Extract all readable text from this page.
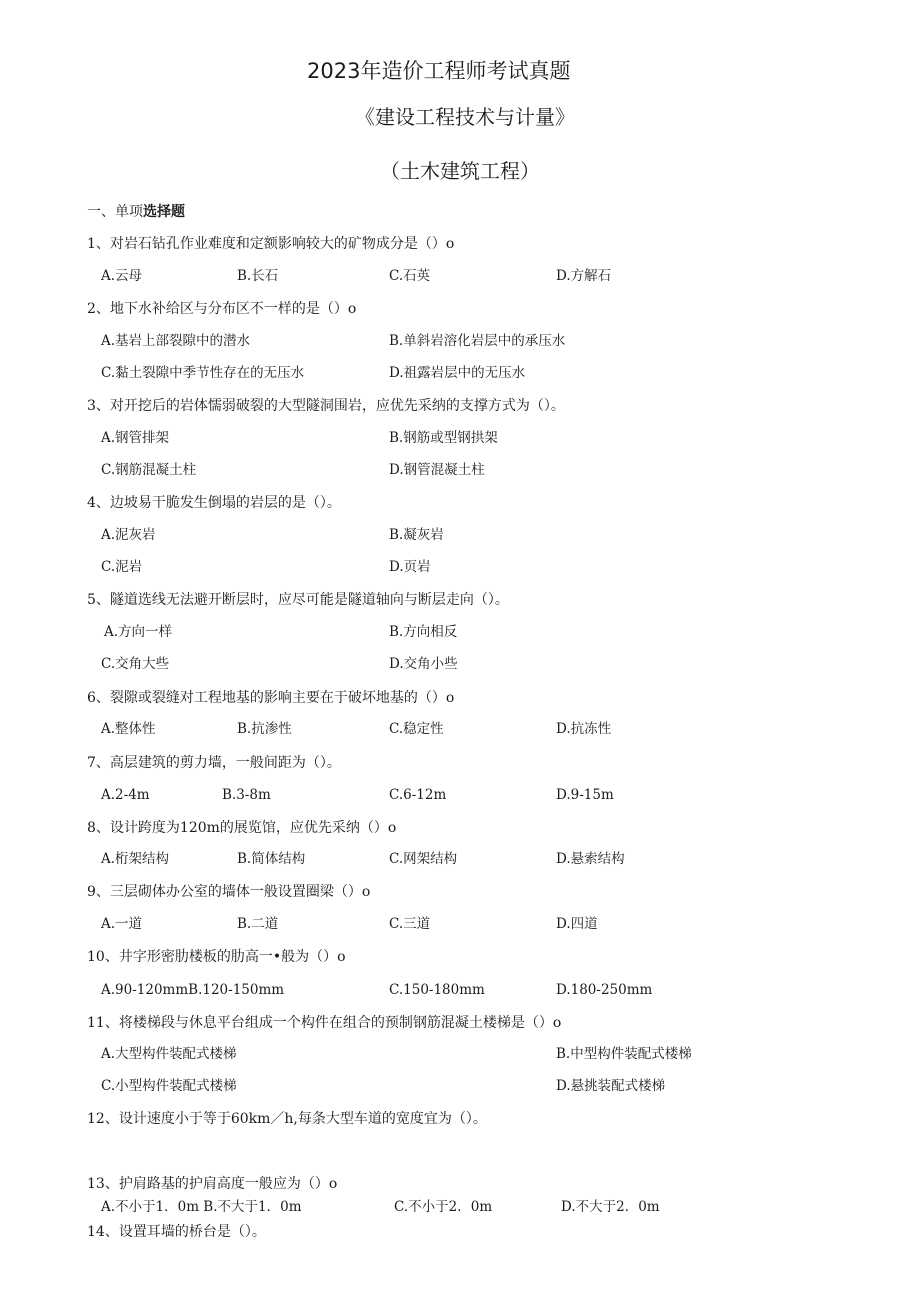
2023年造价工程师考试真题
《建设工程技术与计量》
（土木建筑工程）
一、单项选择题
1、对岩石钻孔作业难度和定额影响较大的矿物成分是（）o
A.云母	B.长石	C.石英	D.方解石
2、地下水补给区与分布区不一样的是（）o
A.基岩上部裂隙中的潜水	B.单斜岩溶化岩层中的承压水
C.黏土裂隙中季节性存在的无压水	D.祖露岩层中的无压水
3、对开挖后的岩体懦弱破裂的大型隧洞围岩，应优先采纳的支撑方式为（）。
A.钢管排架	B.钢筋或型钢拱架
C.钢筋混凝土柱	D.钢管混凝土柱
4、边坡易干脆发生倒塌的岩层的是（）。
A.泥灰岩	B.凝灰岩
C.泥岩	D.页岩
5、隧道选线无法避开断层时，应尽可能是隧道轴向与断层走向（）。
A.方向一样	B.方向相反
C.交角大些	D.交角小些
6、裂隙或裂缝对工程地基的影响主要在于破坏地基的（）o
A.整体性	B.抗渗性	C.稳定性	D.抗冻性
7、高层建筑的剪力墙，一般间距为（）。
A.2-4m	B.3-8m	C.6-12m	D.9-15m
8、设计跨度为120m的展览馆，应优先采纳（）o
A.桁架结构	B.简体结构	C.网架结构	D.悬索结构
9、三层砌体办公室的墙体一般设置圈梁（）o
A.一道	B.二道	C.三道	D.四道
10、井字形密肋楼板的肋高一•般为（）o
A.90-120mmB.120-150mm	C.150-180mm	D.180-250mm
11、将楼梯段与休息平台组成一个构件在组合的预制钢筋混凝土楼梯是（）o
A.大型构件装配式楼梯	B.中型构件装配式楼梯
C.小型构件装配式楼梯	D.悬挑装配式楼梯
12、设计速度小于等于60km／h,每条大型车道的宽度宜为（）。
13、护肩路基的护肩高度一般应为（）o
A.不小于1．0m B.不大于1．0m	C.不小于2．0m	D.不大于2．0m
14、设置耳墙的桥台是（）。
